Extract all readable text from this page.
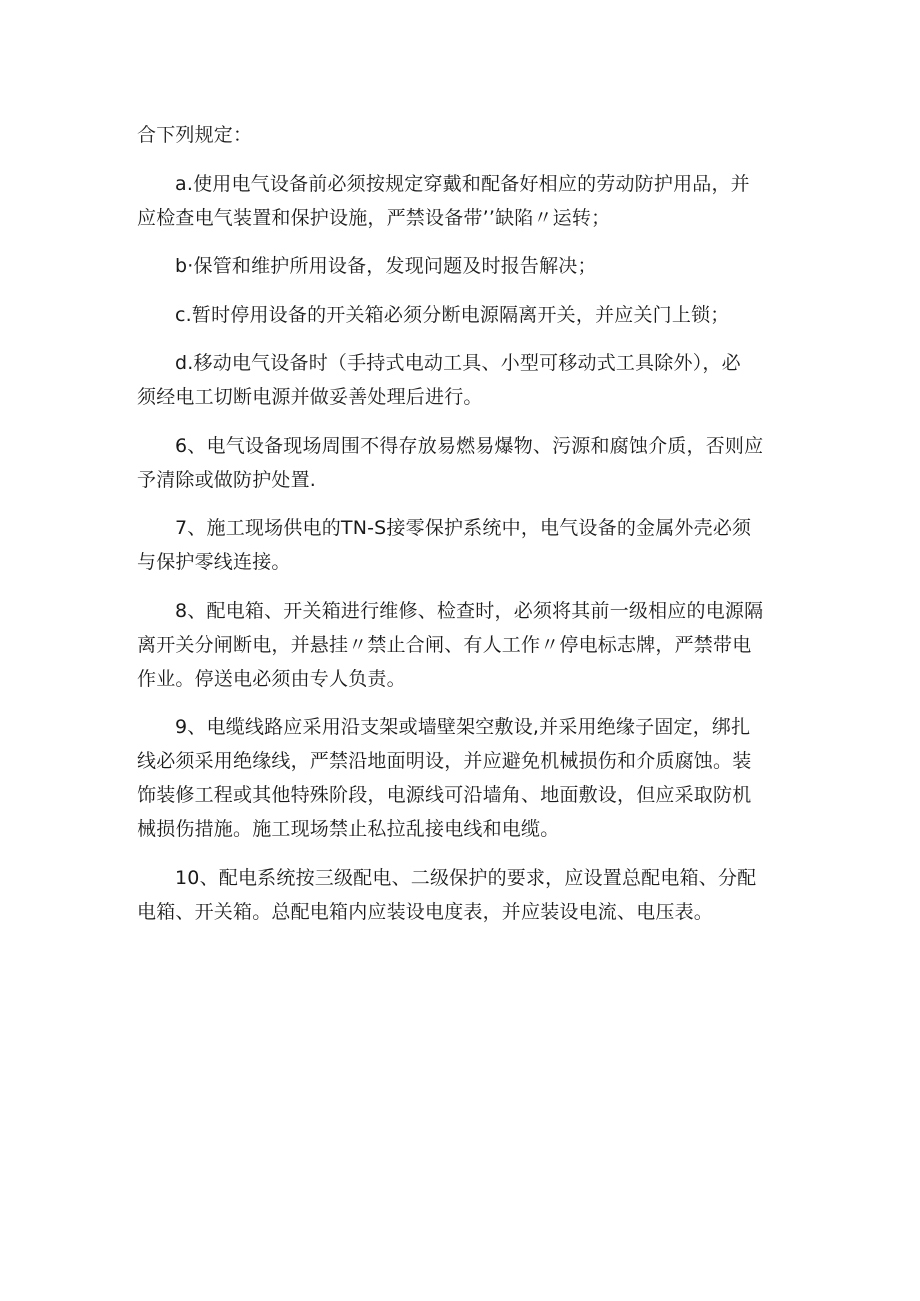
合下列规定：

a.使用电气设备前必须按规定穿戴和配备好相应的劳动防护用品，并
应检查电气装置和保护设施，严禁设备带’’缺陷〃运转；

b·保管和维护所用设备，发现问题及时报告解决；

c.暂时停用设备的开关箱必须分断电源隔离开关，并应关门上锁；

d.移动电气设备时（手持式电动工具、小型可移动式工具除外），必
须经电工切断电源并做妥善处理后进行。

6、电气设备现场周围不得存放易燃易爆物、污源和腐蚀介质，否则应
予清除或做防护处置.

7、施工现场供电的TN-S接零保护系统中，电气设备的金属外壳必须
与保护零线连接。

8、配电箱、开关箱进行维修、检查时，必须将其前一级相应的电源隔
离开关分闸断电，并悬挂〃禁止合闸、有人工作〃停电标志牌，严禁带电
作业。停送电必须由专人负责。

9、电缆线路应采用沿支架或墙壁架空敷设,并采用绝缘子固定，绑扎
线必须采用绝缘线，严禁沿地面明设，并应避免机械损伤和介质腐蚀。装
饰装修工程或其他特殊阶段，电源线可沿墙角、地面敷设，但应采取防机
械损伤措施。施工现场禁止私拉乱接电线和电缆。

10、配电系统按三级配电、二级保护的要求，应设置总配电箱、分配
电箱、开关箱。总配电箱内应装设电度表，并应装设电流、电压表。
